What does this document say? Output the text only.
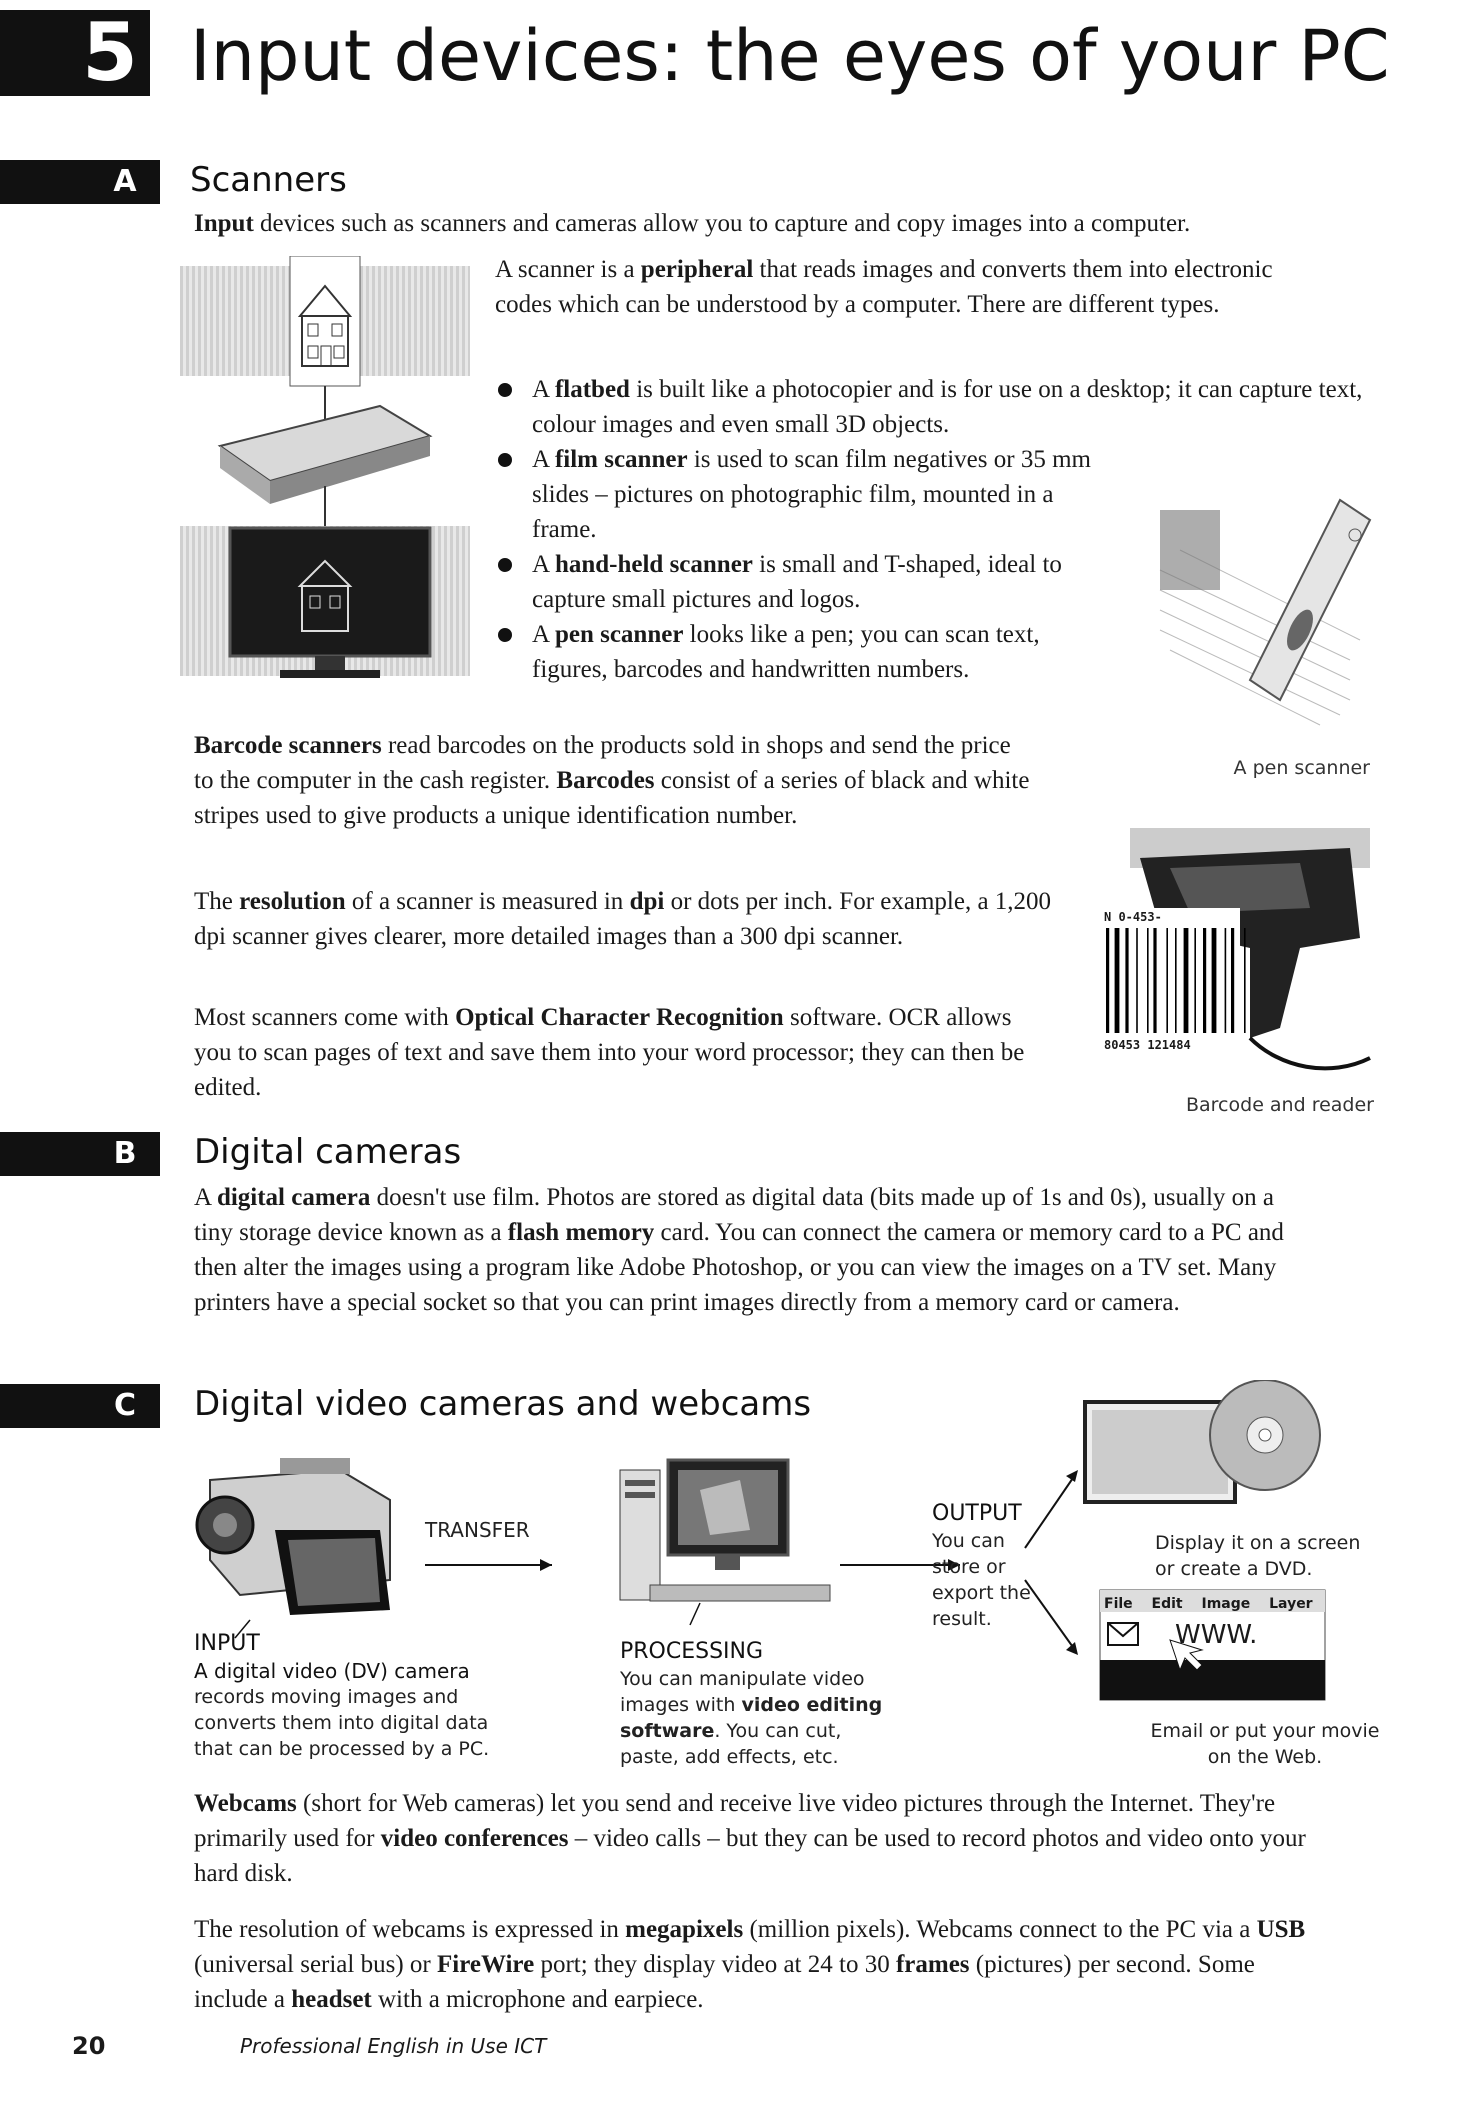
5 Input devices: the eyes of your PC
A	Scanners

Input devices such as scanners and cameras allow you to capture and copy images into a computer.

A scanner is a peripheral that reads images and converts them into electronic codes which can be understood by a computer. There are different types.

A flatbed is built like a photocopier and is for use on a desktop; it can capture text, colour images and even small 3D objects.
A film scanner is used to scan film negatives or 35 mm slides – pictures on photographic film, mounted in a frame.
A hand-held scanner is small and T-shaped, ideal to capture small pictures and logos.
A pen scanner looks like a pen; you can scan text, figures, barcodes and handwritten numbers.
A pen scanner

Barcode scanners read barcodes on the products sold in shops and send the price to the computer in the cash register. Barcodes consist of a series of black and white stripes used to give products a unique identification number.

N 0-453-
80453 121484
Barcode and reader

The resolution of a scanner is measured in dpi or dots per inch. For example, a 1,200 dpi scanner gives clearer, more detailed images than a 300 dpi scanner.

Most scanners come with Optical Character Recognition software. OCR allows you to scan pages of text and save them into your word processor; they can then be edited.

B	Digital cameras

A digital camera doesn't use film. Photos are stored as digital data (bits made up of 1s and 0s), usually on a tiny storage device known as a flash memory card. You can connect the camera or memory card to a PC and then alter the images using a program like Adobe Photoshop, or you can view the images on a TV set. Many printers have a special socket so that you can print images directly from a memory card or camera.

C	Digital video cameras and webcams
TRANSFER
INPUT
A digital video (DV) camera
records moving images and converts them into digital data that can be processed by a PC.
PROCESSING
You can manipulate video images with video editing software. You can cut, paste, add effects, etc.
OUTPUT
You can store or export the result.
Display it on a screen or create a DVD.
File Edit Image Layer
WWW.
Email or put your movie on the Web.

Webcams (short for Web cameras) let you send and receive live video pictures through the Internet. They're primarily used for video conferences – video calls – but they can be used to record photos and video onto your hard disk.

The resolution of webcams is expressed in megapixels (million pixels). Webcams connect to the PC via a USB (universal serial bus) or FireWire port; they display video at 24 to 30 frames (pictures) per second. Some include a headset with a microphone and earpiece.

20	Professional English in Use ICT
